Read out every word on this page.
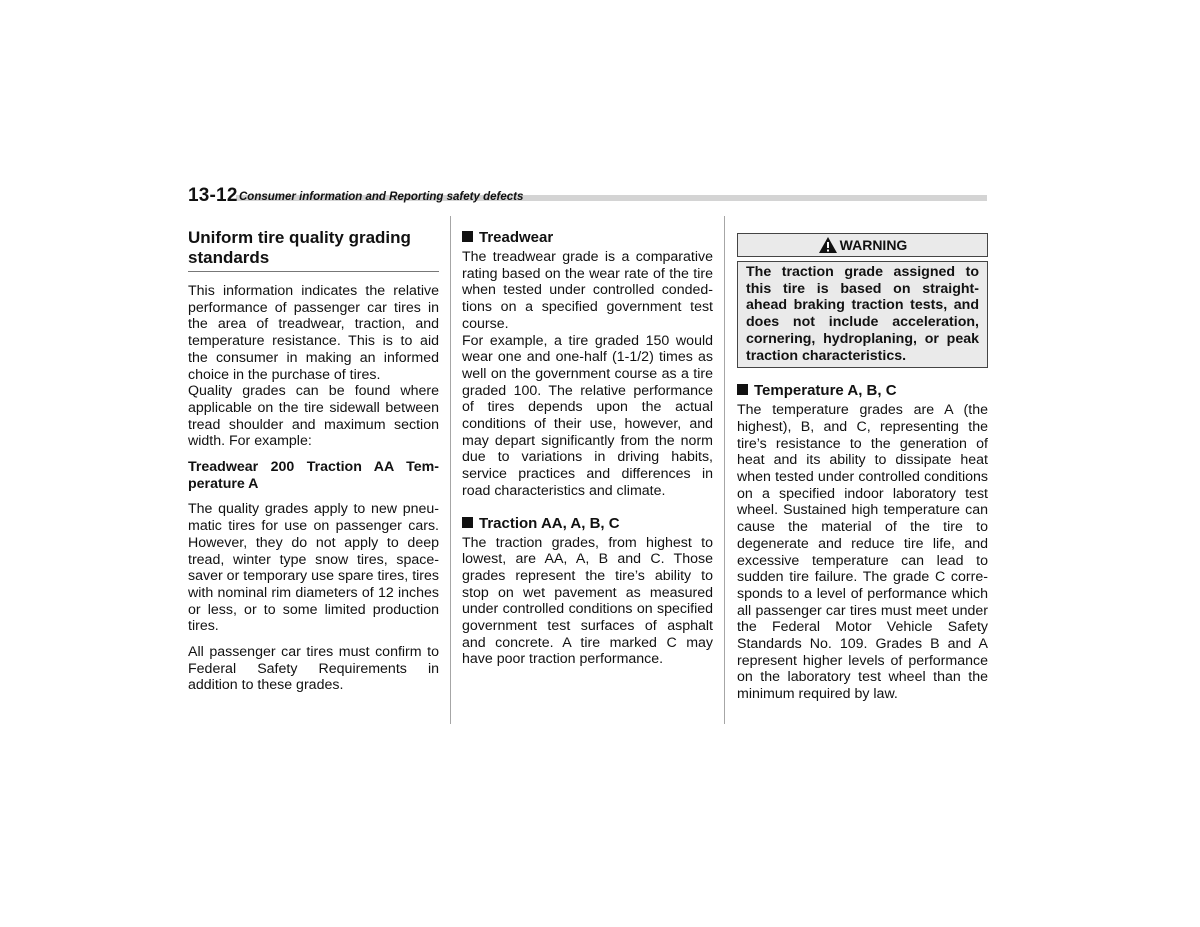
13-12 Consumer information and Reporting safety defects
Uniform tire quality grading standards

This information indicates the relative performance of passenger car tires in the area of treadwear, traction, and temperature resistance. This is to aid the consumer in making an informed choice in the purchase of tires.

Quality grades can be found where applicable on the tire sidewall between tread shoulder and maximum section width. For example:

Treadwear 200 Traction AA Temperature A

The quality grades apply to new pneumatic tires for use on passenger cars. However, they do not apply to deep tread, winter type snow tires, space-saver or temporary use spare tires, tires with nominal rim diameters of 12 inches or less, or to some limited production tires.

All passenger car tires must confirm to Federal Safety Requirements in addition to these grades.

Treadwear

The treadwear grade is a comparative rating based on the wear rate of the tire when tested under controlled condedtions on a specified government test course.

For example, a tire graded 150 would wear one and one-half (1-1/2) times as well on the government course as a tire graded 100. The relative performance of tires depends upon the actual conditions of their use, however, and may depart significantly from the norm due to variations in driving habits, service practices and differences in road characteristics and climate.

Traction AA, A, B, C

The traction grades, from highest to lowest, are AA, A, B and C. Those grades represent the tire’s ability to stop on wet pavement as measured under controlled conditions on specified government test surfaces of asphalt and concrete. A tire marked C may have poor traction performance.

WARNING

The traction grade assigned to this tire is based on straight-ahead braking traction tests, and does not include acceleration, cornering, hydroplaning, or peak traction characteristics.

Temperature A, B, C

The temperature grades are A (the highest), B, and C, representing the tire’s resistance to the generation of heat and its ability to dissipate heat when tested under controlled conditions on a specified indoor laboratory test wheel. Sustained high temperature can cause the material of the tire to degenerate and reduce tire life, and excessive temperature can lead to sudden tire failure. The grade C corresponds to a level of performance which all passenger car tires must meet under the Federal Motor Vehicle Safety Standards No. 109. Grades B and A represent higher levels of performance on the laboratory test wheel than the minimum required by law.
